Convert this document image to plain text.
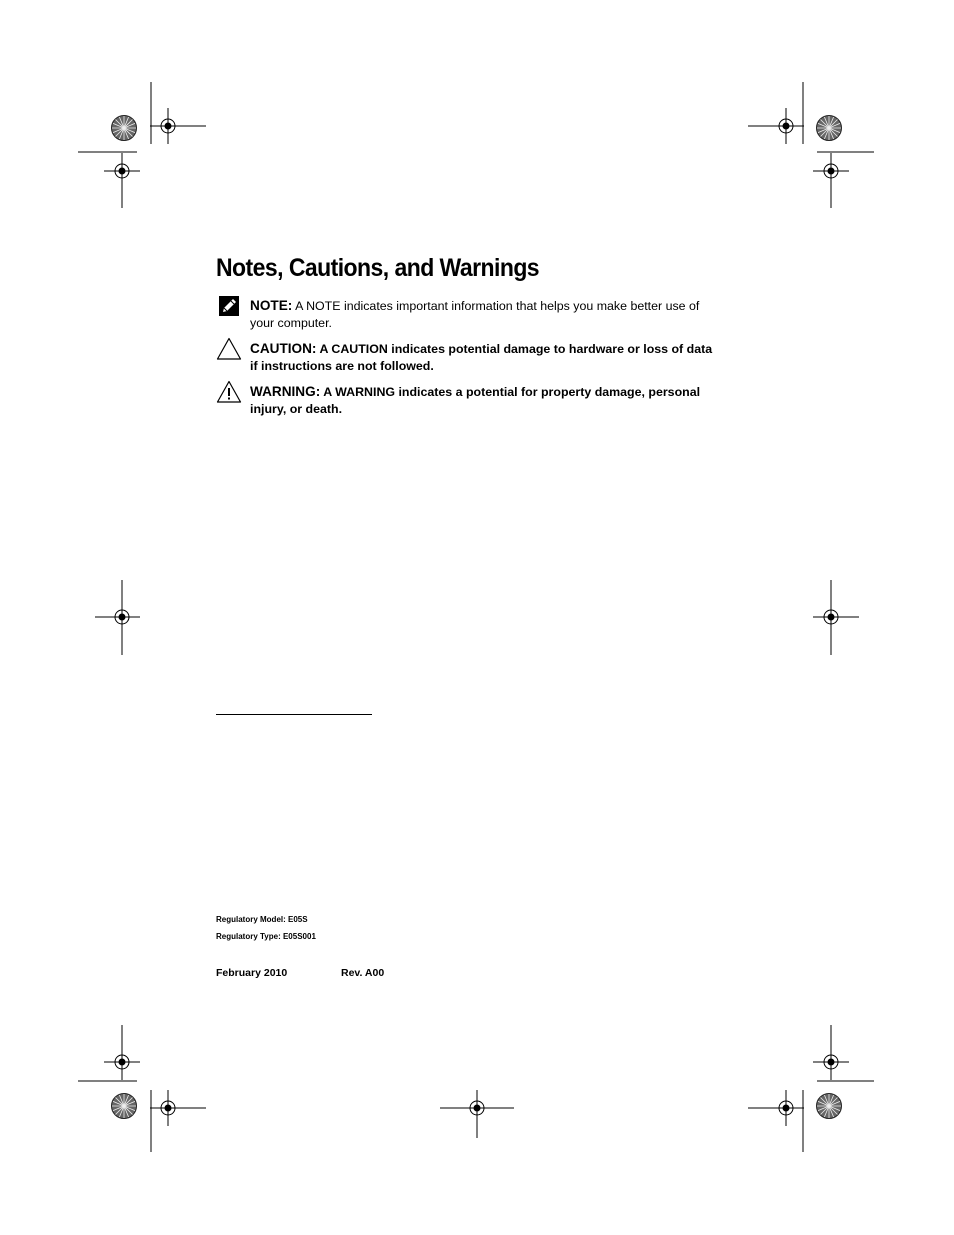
Notes, Cautions, and Warnings
NOTE: A NOTE indicates important information that helps you make better use of your computer.
CAUTION: A CAUTION indicates potential damage to hardware or loss of data if instructions are not followed.
WARNING: A WARNING indicates a potential for property damage, personal injury, or death.
Regulatory Model: E05S
Regulatory Type: E05S001
February 2010	Rev. A00
